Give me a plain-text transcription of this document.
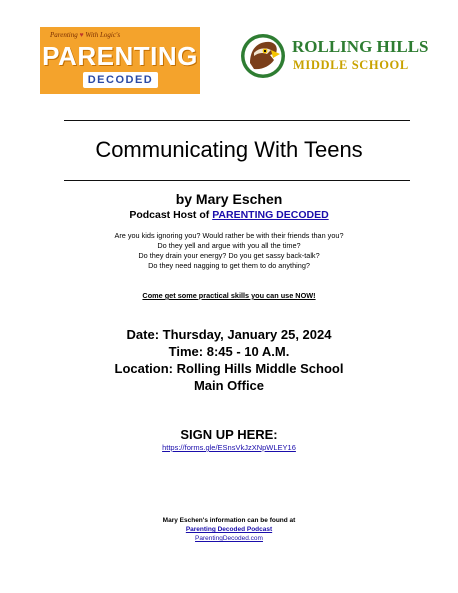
Parenting ♥ With Logic's
PARENTING
DECODED
ROLLING HILLS
MIDDLE SCHOOL
Communicating With Teens
by Mary Eschen
Podcast Host of PARENTING DECODED
Are you kids ignoring you? Would rather be with their friends than you?
Do they yell and argue with you all the time?
Do they drain your energy? Do you get sassy back-talk?
Do they need nagging to get them to do anything?
Come get some practical skills you can use NOW!
Date: Thursday, January 25, 2024
Time: 8:45 - 10 A.M.
Location: Rolling Hills Middle School
Main Office
SIGN UP HERE:
https://forms.gle/ESnsVkJzXNpWLEY16
Mary Eschen's information can be found at
Parenting Decoded Podcast
ParentingDecoded.com
